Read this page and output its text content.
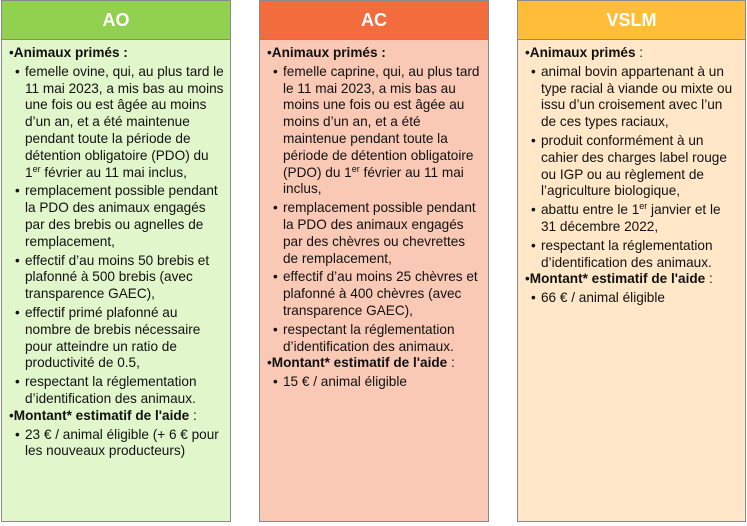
AO

•Animaux primés :

• femelle ovine, qui, au plus tard le 11 mai 2023, a mis bas au moins une fois ou est âgée au moins d’un an, et a été maintenue pendant toute la période de détention obligatoire (PDO) du 1er février au 11 mai inclus,
• remplacement possible pendant la PDO des animaux engagés par des brebis ou agnelles de remplacement,
• effectif d’au moins 50 brebis et plafonné à 500 brebis (avec transparence GAEC),
• effectif primé plafonné au nombre de brebis nécessaire pour atteindre un ratio de productivité de 0.5,
• respectant la réglementation d’identification des animaux.

•Montant* estimatif de l'aide :

• 23 € / animal éligible (+ 6 € pour les nouveaux producteurs)
AC

•Animaux primés :

• femelle caprine, qui, au plus tard le 11 mai 2023, a mis bas au moins une fois ou est âgée au moins d’un an, et a été maintenue pendant toute la période de détention obligatoire (PDO) du 1er février au 11 mai inclus,
• remplacement possible pendant la PDO des animaux engagés par des chèvres ou chevrettes de remplacement,
• effectif d’au moins 25 chèvres et plafonné à 400 chèvres (avec transparence GAEC),
• respectant la réglementation d’identification des animaux.

•Montant* estimatif de l'aide :

• 15 € / animal éligible
VSLM

•Animaux primés :

• animal bovin appartenant à un type racial à viande ou mixte ou issu d’un croisement avec l’un de ces types raciaux,
• produit conformément à un cahier des charges label rouge ou IGP ou au règlement de l’agriculture biologique,
• abattu entre le 1er janvier et le 31 décembre 2022,
• respectant la réglementation d’identification des animaux.

•Montant* estimatif de l'aide :

• 66 € / animal éligible
